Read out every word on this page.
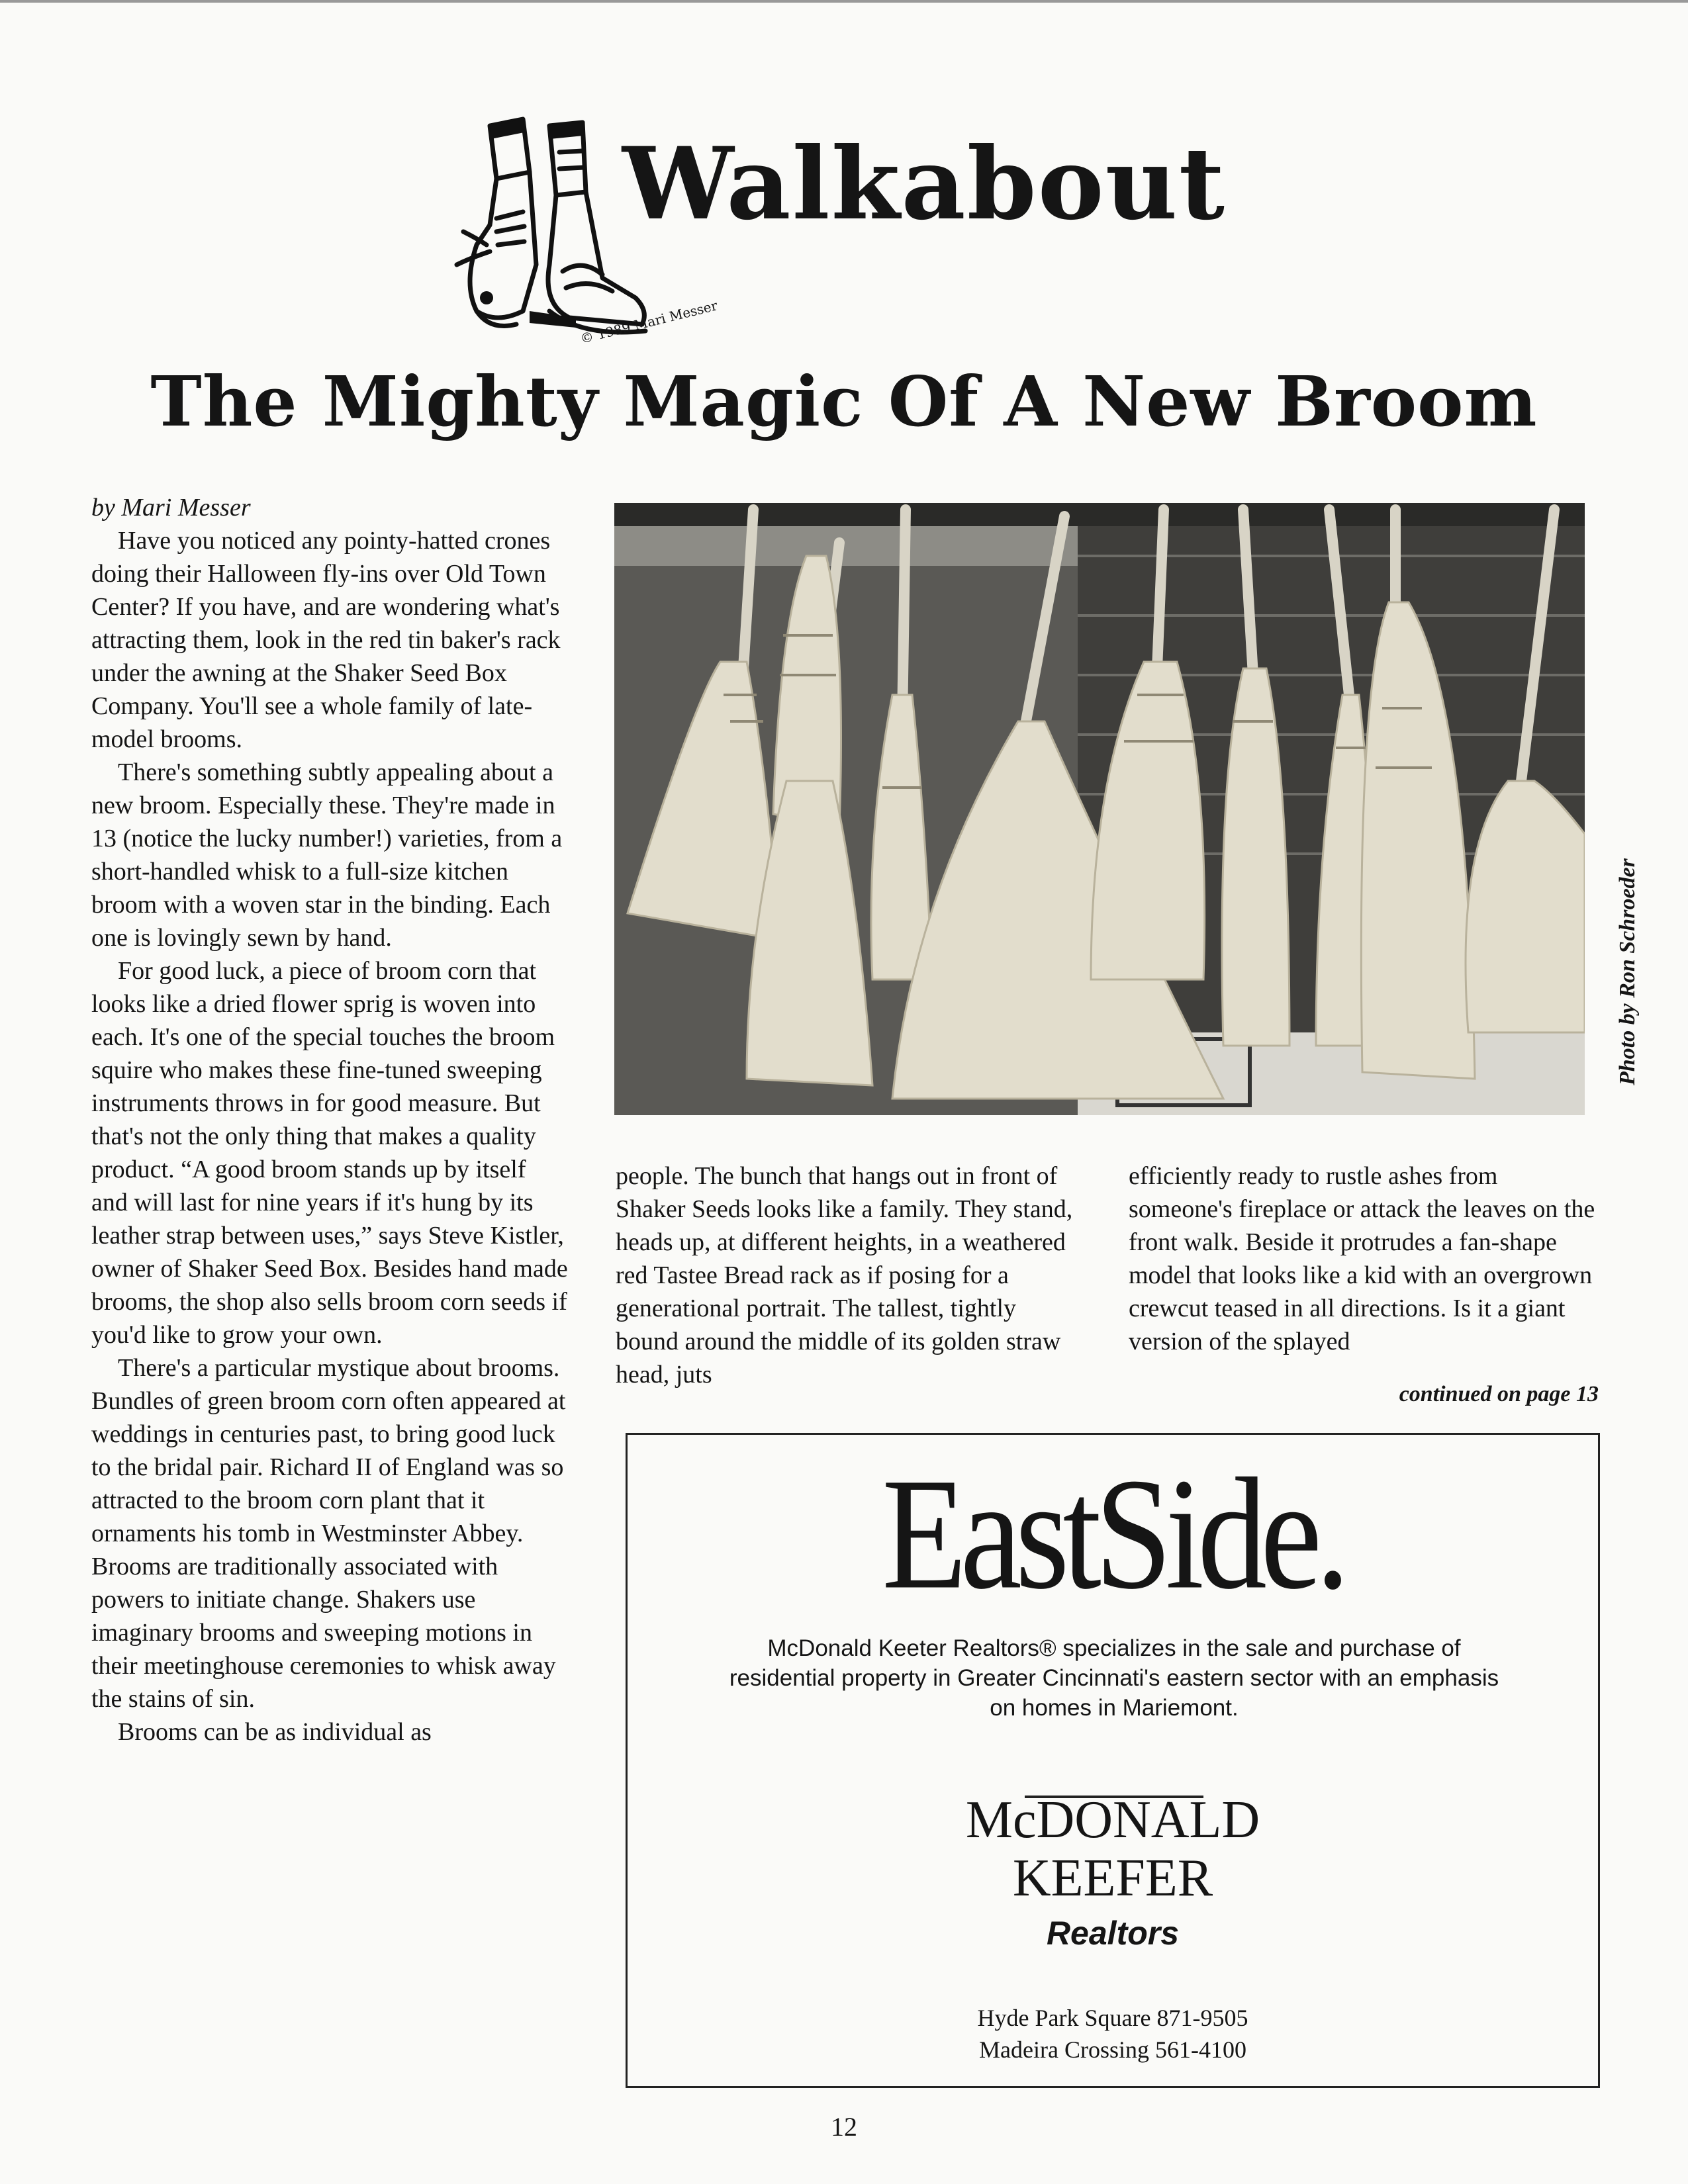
Walkabout
© 1989 Mari Messer
The Mighty Magic Of A New Broom

by Mari Messer

Have you noticed any pointy-hatted crones doing their Halloween fly-ins over Old Town Center? If you have, and are wondering what's attracting them, look in the red tin baker's rack under the awning at the Shaker Seed Box Company. You'll see a whole family of late-model brooms.

There's something subtly appealing about a new broom. Especially these. They're made in 13 (notice the lucky number!) varieties, from a short-handled whisk to a full-size kitchen broom with a woven star in the binding. Each one is lovingly sewn by hand.

For good luck, a piece of broom corn that looks like a dried flower sprig is woven into each. It's one of the special touches the broom squire who makes these fine-tuned sweeping instruments throws in for good measure. But that's not the only thing that makes a quality product. “A good broom stands up by itself and will last for nine years if it's hung by its leather strap between uses,” says Steve Kistler, owner of Shaker Seed Box. Besides hand made brooms, the shop also sells broom corn seeds if you'd like to grow your own.

There's a particular mystique about brooms. Bundles of green broom corn often appeared at weddings in centuries past, to bring good luck to the bridal pair. Richard II of England was so attracted to the broom corn plant that it ornaments his tomb in Westminster Abbey. Brooms are traditionally associated with powers to initiate change. Shakers use imaginary brooms and sweeping motions in their meetinghouse ceremonies to whisk away the stains of sin.

Brooms can be as individual as

Photo by Ron Schroeder

people. The bunch that hangs out in front of Shaker Seeds looks like a family. They stand, heads up, at different heights, in a weathered red Tastee Bread rack as if posing for a generational portrait. The tallest, tightly bound around the middle of its golden straw head, juts

efficiently ready to rustle ashes from someone's fireplace or attack the leaves on the front walk. Beside it protrudes a fan-shape model that looks like a kid with an overgrown crewcut teased in all directions. Is it a giant version of the splayed

continued on page 13
EastSide.
McDonald Keeter Realtors® specializes in the sale and purchase of residential property in Greater Cincinnati's eastern sector with an emphasis on homes in Mariemont.
McDONALD
KEEFER
Realtors
Hyde Park Square 871-9505
Madeira Crossing 561-4100
12
